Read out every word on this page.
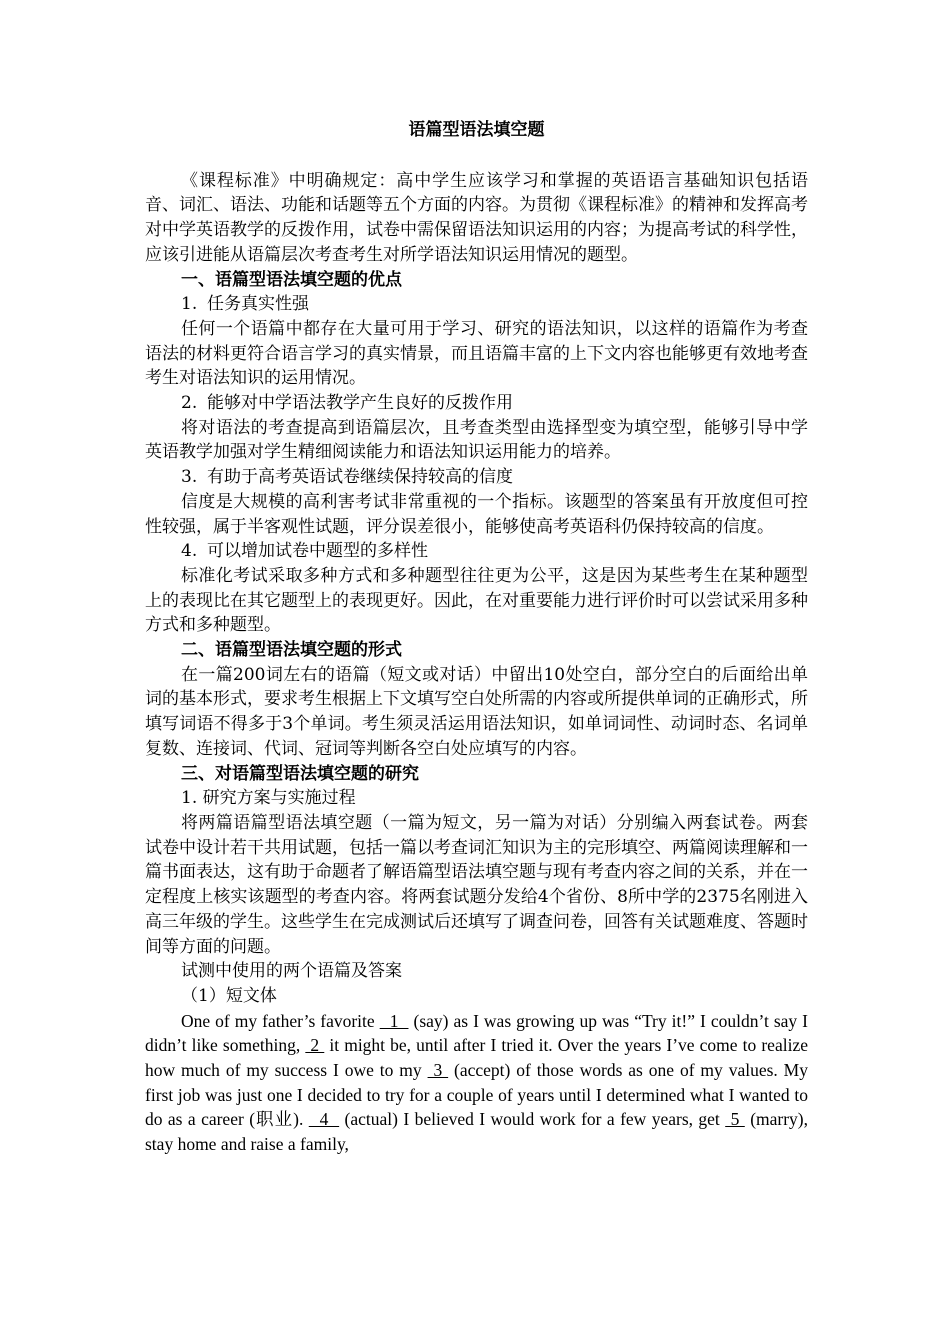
语篇型语法填空题

《课程标准》中明确规定：高中学生应该学习和掌握的英语语言基础知识包括语音、词汇、语法、功能和话题等五个方面的内容。为贯彻《课程标准》的精神和发挥高考对中学英语教学的反拨作用，试卷中需保留语法知识运用的内容；为提高考试的科学性，应该引进能从语篇层次考查考生对所学语法知识运用情况的题型。

一、语篇型语法填空题的优点

1. 任务真实性强

任何一个语篇中都存在大量可用于学习、研究的语法知识，以这样的语篇作为考查语法的材料更符合语言学习的真实情景，而且语篇丰富的上下文内容也能够更有效地考查考生对语法知识的运用情况。

2. 能够对中学语法教学产生良好的反拨作用

将对语法的考查提高到语篇层次，且考查类型由选择型变为填空型，能够引导中学英语教学加强对学生精细阅读能力和语法知识运用能力的培养。

3. 有助于高考英语试卷继续保持较高的信度

信度是大规模的高利害考试非常重视的一个指标。该题型的答案虽有开放度但可控性较强，属于半客观性试题，评分误差很小，能够使高考英语科仍保持较高的信度。

4. 可以增加试卷中题型的多样性

标准化考试采取多种方式和多种题型往往更为公平，这是因为某些考生在某种题型上的表现比在其它题型上的表现更好。因此，在对重要能力进行评价时可以尝试采用多种方式和多种题型。

二、语篇型语法填空题的形式

在一篇200词左右的语篇（短文或对话）中留出10处空白，部分空白的后面给出单词的基本形式，要求考生根据上下文填写空白处所需的内容或所提供单词的正确形式，所填写词语不得多于3个单词。考生须灵活运用语法知识，如单词词性、动词时态、名词单复数、连接词、代词、冠词等判断各空白处应填写的内容。

三、对语篇型语法填空题的研究

1. 研究方案与实施过程

将两篇语篇型语法填空题（一篇为短文，另一篇为对话）分别编入两套试卷。两套试卷中设计若干共用试题，包括一篇以考查词汇知识为主的完形填空、两篇阅读理解和一篇书面表达，这有助于命题者了解语篇型语法填空题与现有考查内容之间的关系，并在一定程度上核实该题型的考查内容。将两套试题分发给4个省份、8所中学的2375名刚进入高三年级的学生。这些学生在完成测试后还填写了调查问卷，回答有关试题难度、答题时间等方面的问题。

试测中使用的两个语篇及答案

（1）短文体

One of my father’s favorite   1   (say) as I was growing up was “Try it!” I couldn’t say I didn’t like something,  2  it might be, until after I tried it. Over the years I’ve come to realize how much of my success I owe to my  3  (accept) of those words as one of my values. My first job was just one I decided to try for a couple of years until I determined what I wanted to do as a career (职业).   4   (actual) I believed I would work for a few years, get  5  (marry), stay home and raise a family,
